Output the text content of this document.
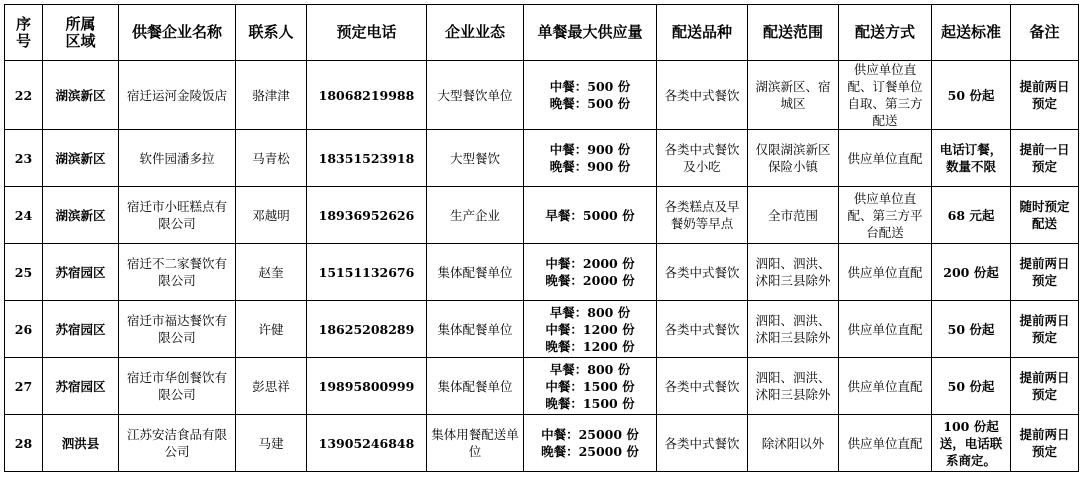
序
号	所属
区域	供餐企业名称	联系人	预定电话	企业业态	单餐最大供应量	配送品种	配送范围	配送方式	起送标准	备注
22	湖滨新区	宿迁运河金陵饭店	骆津津	18068219988	大型餐饮单位	中餐：500 份
晚餐：500 份	各类中式餐饮	湖滨新区、宿城区	供应单位直配、订餐单位自取、第三方配送	50 份起	提前两日预定
23	湖滨新区	软件园潘多拉	马青松	18351523918	大型餐饮	中餐：900 份
晚餐：900 份	各类中式餐饮及小吃	仅限湖滨新区保险小镇	供应单位直配	电话订餐，数量不限	提前一日预定
24	湖滨新区	宿迁市小旺糕点有限公司	邓越明	18936952626	生产企业	早餐：5000 份	各类糕点及早餐奶等早点	全市范围	供应单位直配、第三方平台配送	68 元起	随时预定配送
25	苏宿园区	宿迁不二家餐饮有限公司	赵奎	15151132676	集体配餐单位	中餐：2000 份
晚餐：2000 份	各类中式餐饮	泗阳、泗洪、沭阳三县除外	供应单位直配	200 份起	提前两日预定
26	苏宿园区	宿迁市福达餐饮有限公司	许健	18625208289	集体配餐单位	早餐：800 份
中餐：1200 份
晚餐：1200 份	各类中式餐饮	泗阳、泗洪、沭阳三县除外	供应单位直配	50 份起	提前两日预定
27	苏宿园区	宿迁市华创餐饮有限公司	彭思祥	19895800999	集体配餐单位	早餐：800 份
中餐：1500 份
晚餐：1500 份	各类中式餐饮	泗阳、泗洪、沭阳三县除外	供应单位直配	50 份起	提前两日预定
28	泗洪县	江苏安洁食品有限公司	马建	13905246848	集体用餐配送单位	中餐：25000 份
晚餐：25000 份	各类中式餐饮	除沭阳以外	供应单位直配	100 份起送，电话联系商定。	提前两日预定
